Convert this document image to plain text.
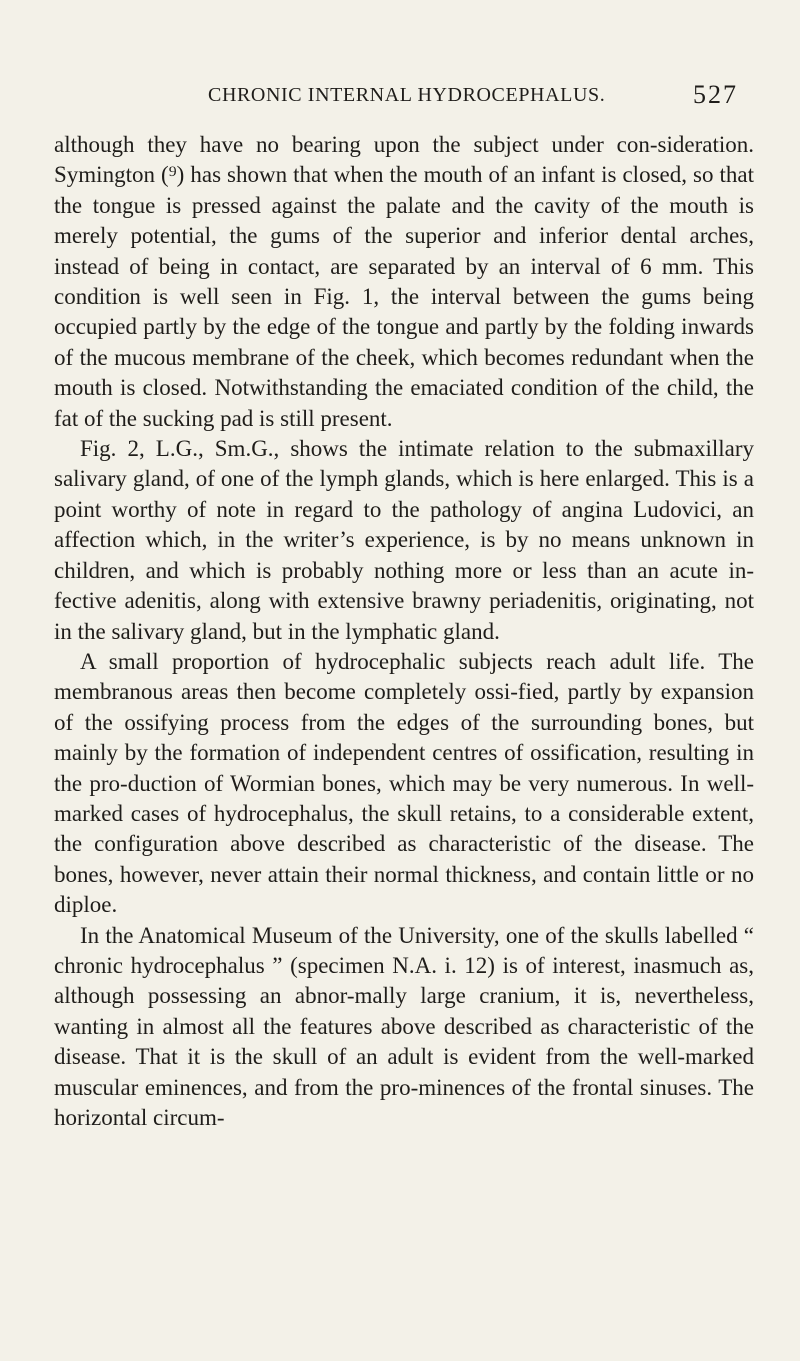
CHRONIC INTERNAL HYDROCEPHALUS.	527

although they have no bearing upon the subject under con-sideration. Symington (⁹) has shown that when the mouth of an infant is closed, so that the tongue is pressed against the palate and the cavity of the mouth is merely potential, the gums of the superior and inferior dental arches, instead of being in contact, are separated by an interval of 6 mm. This condition is well seen in Fig. 1, the interval between the gums being occupied partly by the edge of the tongue and partly by the folding inwards of the mucous membrane of the cheek, which becomes redundant when the mouth is closed. Notwithstanding the emaciated condition of the child, the fat of the sucking pad is still present.

Fig. 2, L.G., Sm.G., shows the intimate relation to the submaxillary salivary gland, of one of the lymph glands, which is here enlarged. This is a point worthy of note in regard to the pathology of angina Ludovici, an affection which, in the writer’s experience, is by no means unknown in children, and which is probably nothing more or less than an acute in-fective adenitis, along with extensive brawny periadenitis, originating, not in the salivary gland, but in the lymphatic gland.

A small proportion of hydrocephalic subjects reach adult life. The membranous areas then become completely ossi-fied, partly by expansion of the ossifying process from the edges of the surrounding bones, but mainly by the formation of independent centres of ossification, resulting in the pro-duction of Wormian bones, which may be very numerous. In well-marked cases of hydrocephalus, the skull retains, to a considerable extent, the configuration above described as characteristic of the disease. The bones, however, never attain their normal thickness, and contain little or no diploe.

In the Anatomical Museum of the University, one of the skulls labelled “ chronic hydrocephalus ” (specimen N.A. i. 12) is of interest, inasmuch as, although possessing an abnor-mally large cranium, it is, nevertheless, wanting in almost all the features above described as characteristic of the disease. That it is the skull of an adult is evident from the well-marked muscular eminences, and from the pro-minences of the frontal sinuses. The horizontal circum-
